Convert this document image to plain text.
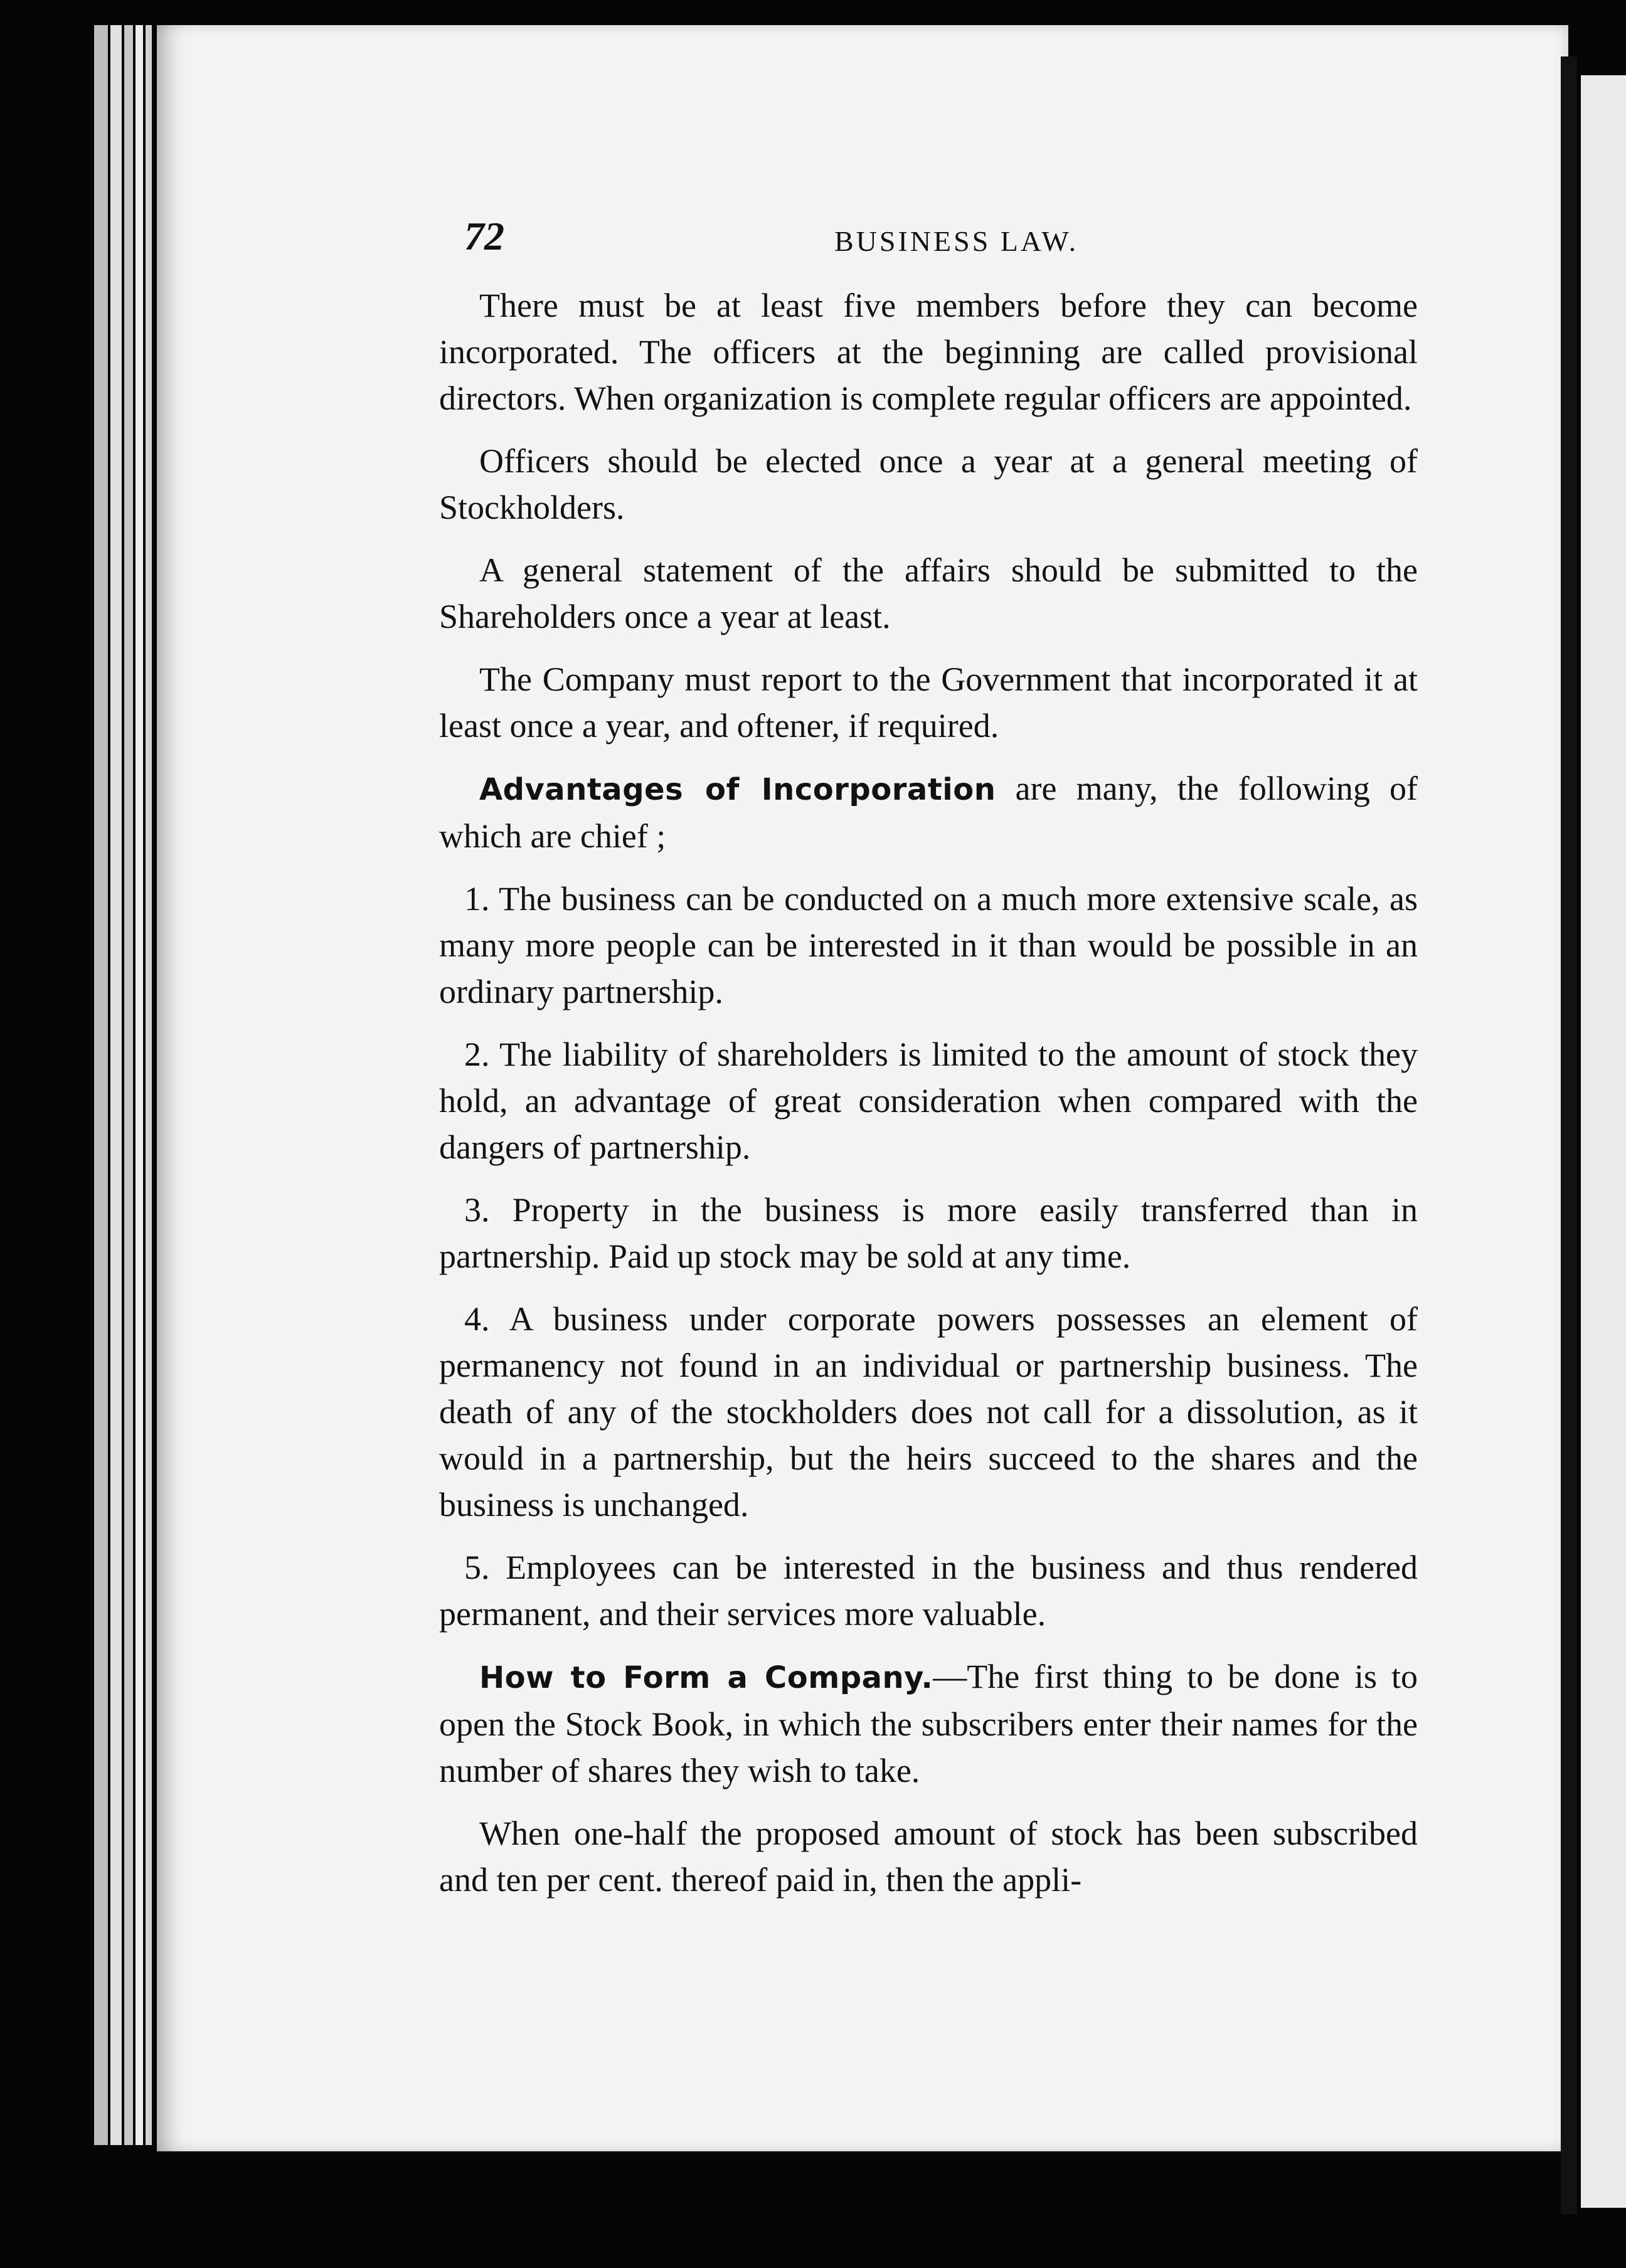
72	BUSINESS LAW.

There must be at least five members before they can become incorporated. The officers at the beginning are called provisional directors. When organization is complete regular officers are appointed.

Officers should be elected once a year at a general meeting of Stockholders.

A general statement of the affairs should be submitted to the Shareholders once a year at least.

The Company must report to the Government that incorporated it at least once a year, and oftener, if required.

Advantages of Incorporation are many, the following of which are chief ;

1. The business can be conducted on a much more extensive scale, as many more people can be interested in it than would be possible in an ordinary partnership.

2. The liability of shareholders is limited to the amount of stock they hold, an advantage of great consideration when compared with the dangers of partnership.

3. Property in the business is more easily transferred than in partnership. Paid up stock may be sold at any time.

4. A business under corporate powers possesses an element of permanency not found in an individual or partnership business. The death of any of the stockholders does not call for a dissolution, as it would in a partnership, but the heirs succeed to the shares and the business is unchanged.

5. Employees can be interested in the business and thus rendered permanent, and their services more valuable.

How to Form a Company.—The first thing to be done is to open the Stock Book, in which the subscribers enter their names for the number of shares they wish to take.

When one-half the proposed amount of stock has been subscribed and ten per cent. thereof paid in, then the appli-
